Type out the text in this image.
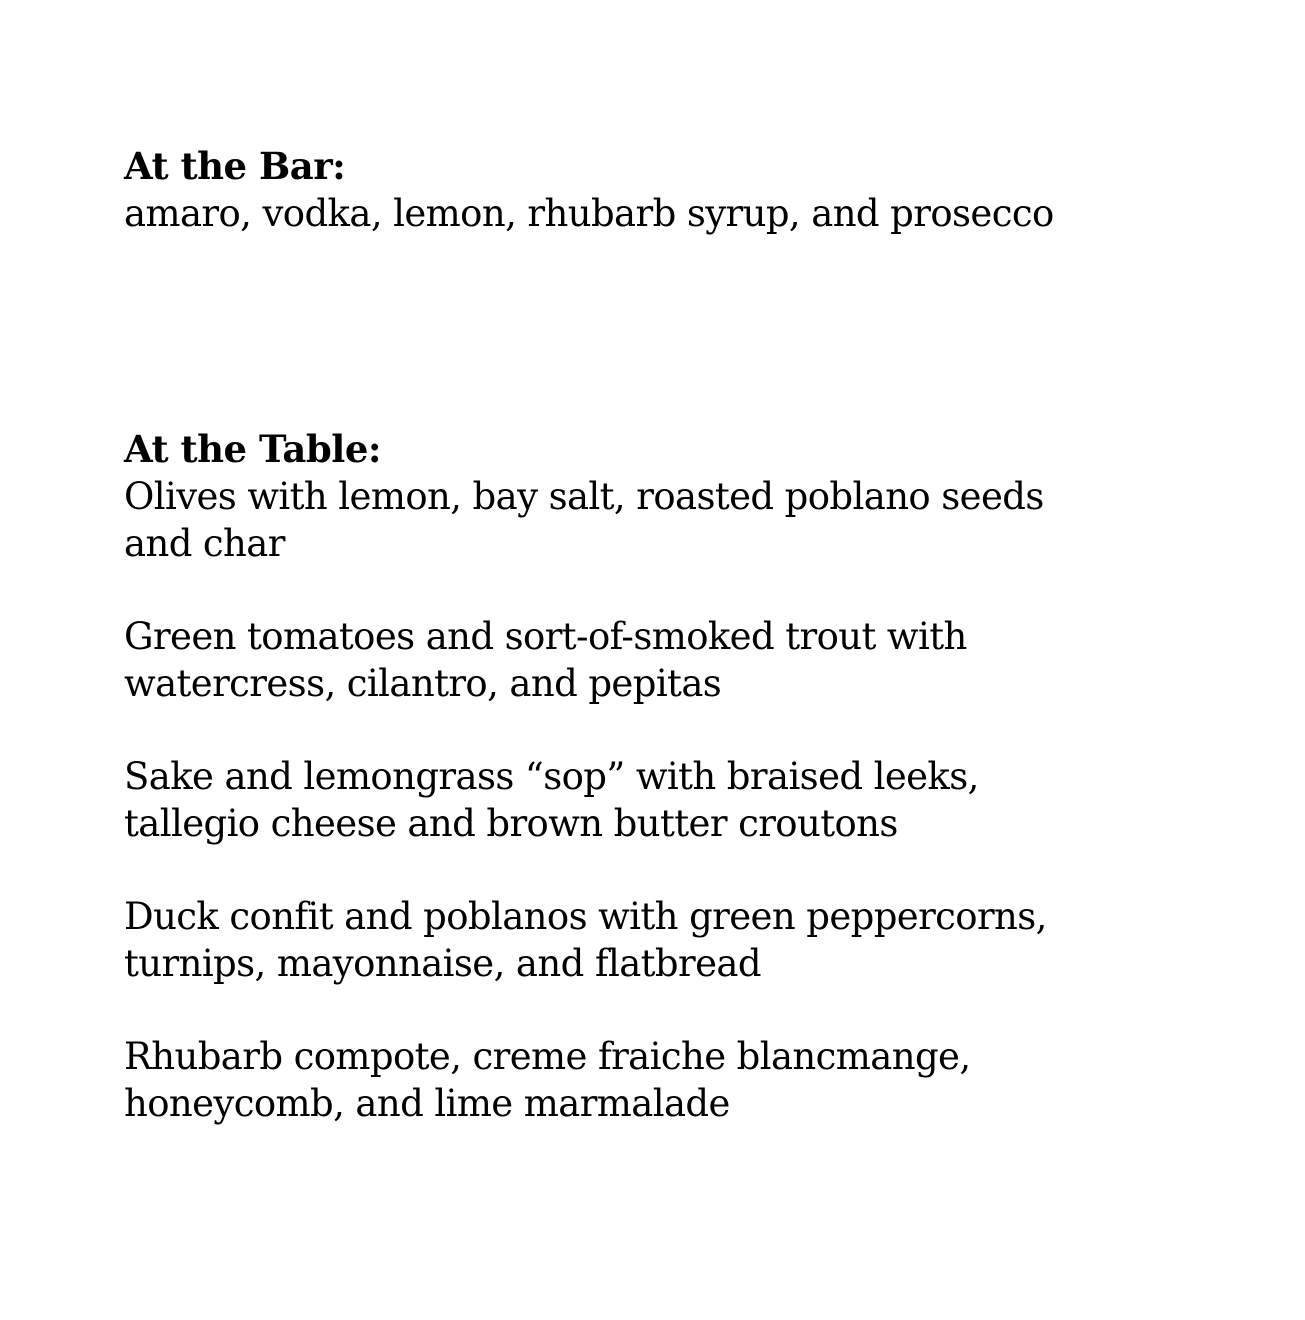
At the Bar:

amaro, vodka, lemon, rhubarb syrup, and prosecco

At the Table:

Olives with lemon, bay salt, roasted poblano seeds

and char

Green tomatoes and sort-of-smoked trout with

watercress, cilantro, and pepitas

Sake and lemongrass “sop” with braised leeks,

tallegio cheese and brown butter croutons

Duck confit and poblanos with green peppercorns,

turnips, mayonnaise, and flatbread

Rhubarb compote, creme fraiche blancmange,

honeycomb, and lime marmalade
